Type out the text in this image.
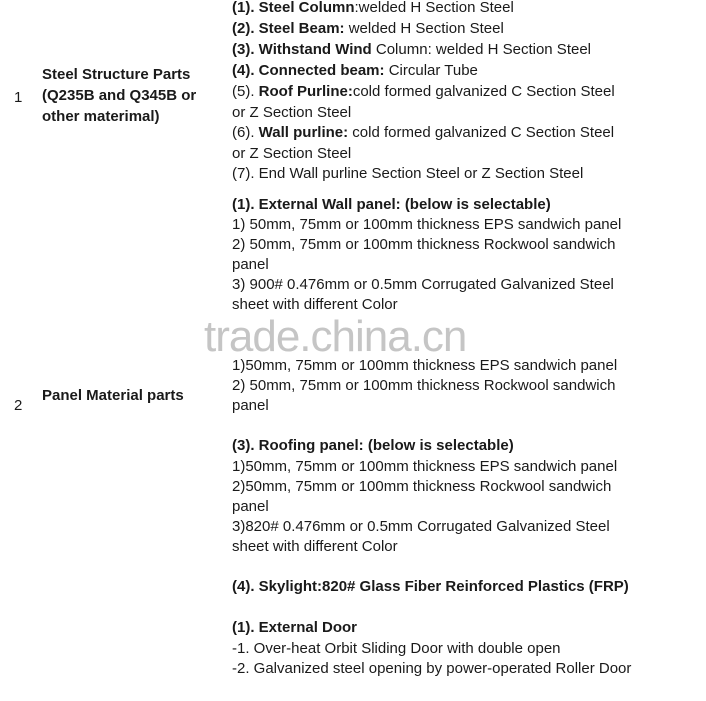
1
Steel Structure Parts
(Q235B and Q345B or
other materimal)
(1). Steel Column:welded H Section Steel
(2). Steel Beam: welded H Section Steel
(3). Withstand Wind Column: welded H Section Steel
(4). Connected beam: Circular Tube
(5). Roof Purline:cold formed galvanized C Section Steel
or Z Section Steel
(6). Wall purline: cold formed galvanized C Section Steel
or Z Section Steel
(7). End Wall purline Section Steel or Z Section Steel
2
Panel Material parts
(1). External Wall panel: (below is selectable)
1) 50mm, 75mm or 100mm thickness EPS sandwich panel
2) 50mm, 75mm or 100mm thickness Rockwool sandwich
panel
3) 900# 0.476mm or 0.5mm Corrugated Galvanized Steel
sheet with different Color
trade.china.cn
1)50mm, 75mm or 100mm thickness EPS sandwich panel
2) 50mm, 75mm or 100mm thickness Rockwool sandwich
panel
(3). Roofing panel: (below is selectable)
1)50mm, 75mm or 100mm thickness EPS sandwich panel
2)50mm, 75mm or 100mm thickness Rockwool sandwich
panel
3)820# 0.476mm or 0.5mm Corrugated Galvanized Steel
sheet with different Color
(4). Skylight:820# Glass Fiber Reinforced Plastics (FRP)
(1). External Door
-1. Over-heat Orbit Sliding Door with double open
-2. Galvanized steel opening by power-operated Roller Door
